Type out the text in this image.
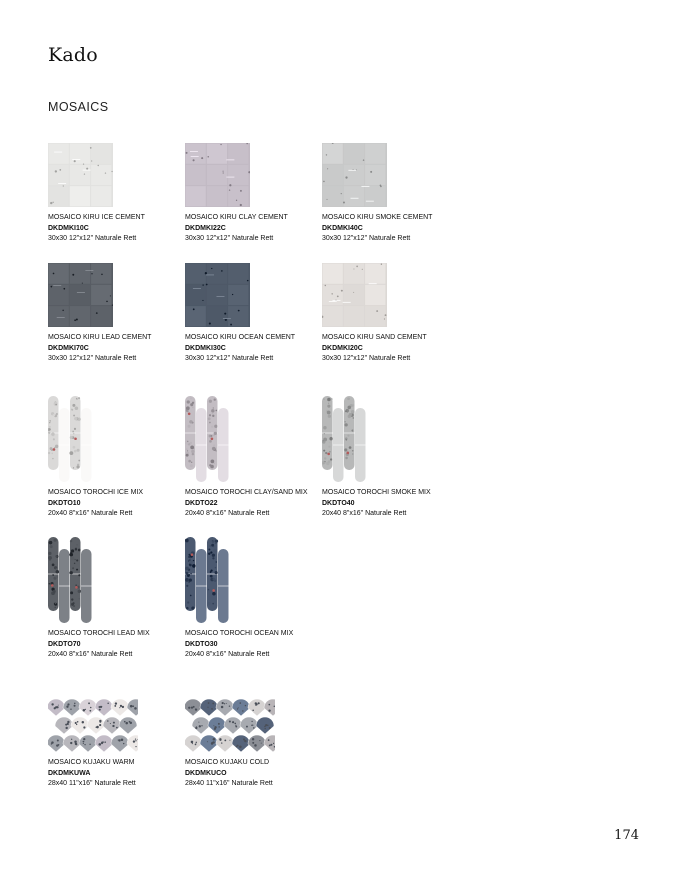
Kado
MOSAICS
MOSAICO KIRU ICE CEMENT
DKDMKI10C
30x30 12"x12" Naturale Rett
MOSAICO KIRU CLAY CEMENT
DKDMKI22C
30x30 12"x12" Naturale Rett
MOSAICO KIRU SMOKE CEMENT
DKDMKI40C
30x30 12"x12" Naturale Rett
MOSAICO KIRU LEAD CEMENT
DKDMKI70C
30x30 12"x12" Naturale Rett
MOSAICO KIRU OCEAN CEMENT
DKDMKI30C
30x30 12"x12" Naturale Rett
MOSAICO KIRU SAND CEMENT
DKDMKI20C
30x30 12"x12" Naturale Rett
MOSAICO TOROCHI ICE MIX
DKDTO10
20x40 8"x16" Naturale Rett
MOSAICO TOROCHI CLAY/SAND MIX
DKDTO22
20x40 8"x16" Naturale Rett
MOSAICO TOROCHI SMOKE MIX
DKDTO40
20x40 8"x16" Naturale Rett
MOSAICO TOROCHI LEAD MIX
DKDTO70
20x40 8"x16" Naturale Rett
MOSAICO TOROCHI OCEAN MIX
DKDTO30
20x40 8"x16" Naturale Rett
MOSAICO KUJAKU WARM
DKDMKUWA
28x40 11"x16" Naturale Rett
MOSAICO KUJAKU COLD
DKDMKUCO
28x40 11"x16" Naturale Rett
174
